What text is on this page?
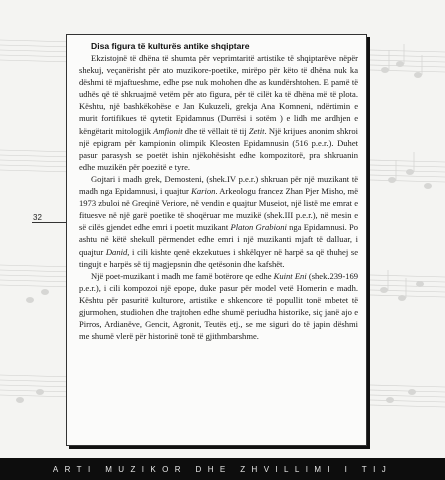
32
Disa figura të kulturës antike shqiptare

Ekzistojnë të dhëna të shumta për veprimtaritë artistike të shqiptarëve nëpër shekuj, veçanërisht për ato muzikore-poetike, mirëpo për këto të dhëna nuk ka dëshmi të mjaftueshme, edhe pse nuk mohohen dhe as kundërshtohen. E pamë të udhës që të shkruajmë vetëm për ato figura, për të cilët ka të dhëna më të plota. Kështu, një bashkëkohëse e Jan Kukuzeli, grekja Ana Komneni, ndërtimin e murit fortifikues të qytetit Epidamnus (Durrësi i sotëm ) e lidh me ardhjen e këngëtarit mitologjik Amfionit dhe të vëllait të tij Zetit. Një krijues anonim shkroi një epigram për kampionin olimpik Kleosten Epidamnusin (516 p.e.r.). Duhet pasur parasysh se poetët ishin njëkohësisht edhe kompozitorë, pra shkruanin edhe muzikën për poezitë e tyre.

Gojtari i madh grek, Demosteni, (shek.IV p.e.r.) shkruan për një muzikant të madh nga Epidamnusi, i quajtur Karion. Arkeologu francez Zhan Pjer Misho, më 1973 zbuloi në Greqinë Veriore, në vendin e quajtur Museiot, një listë me emrat e fituesve në një garë poetike të shoqëruar me muzikë (shek.III p.e.r.), në mesin e së cilës gjendet edhe emri i poetit muzikant Platon Grabioni nga Epidamnusi. Po ashtu në këtë shekull përmendet edhe emri i një muzikanti mjaft të dalluar, i quajtur Danid, i cili kishte qenë ekzekutues i shkëlqyer në harpë sa që thuhej se tingujt e harpës së tij magjepsnin dhe qetësonin dhe kafshët.

Një poet-muzikant i madh me famë botërore qe edhe Kuint Eni (shek.239-169 p.e.r.), i cili kompozoi një epope, duke pasur për model vetë Homerin e madh. Kështu për pasuritë kulturore, artistike e shkencore të popullit tonë mbetet të gjurmohen, studiohen dhe trajtohen edhe shumë periudha historike, siç janë ajo e Pirros, Ardianëve, Gencit, Agronit, Teutës etj., se me siguri do të japin dëshmi me shumë vlerë për historinë tonë të gjithmbarshme.

ARTI MUZIKOR DHE ZHVILLIMI I TIJ
